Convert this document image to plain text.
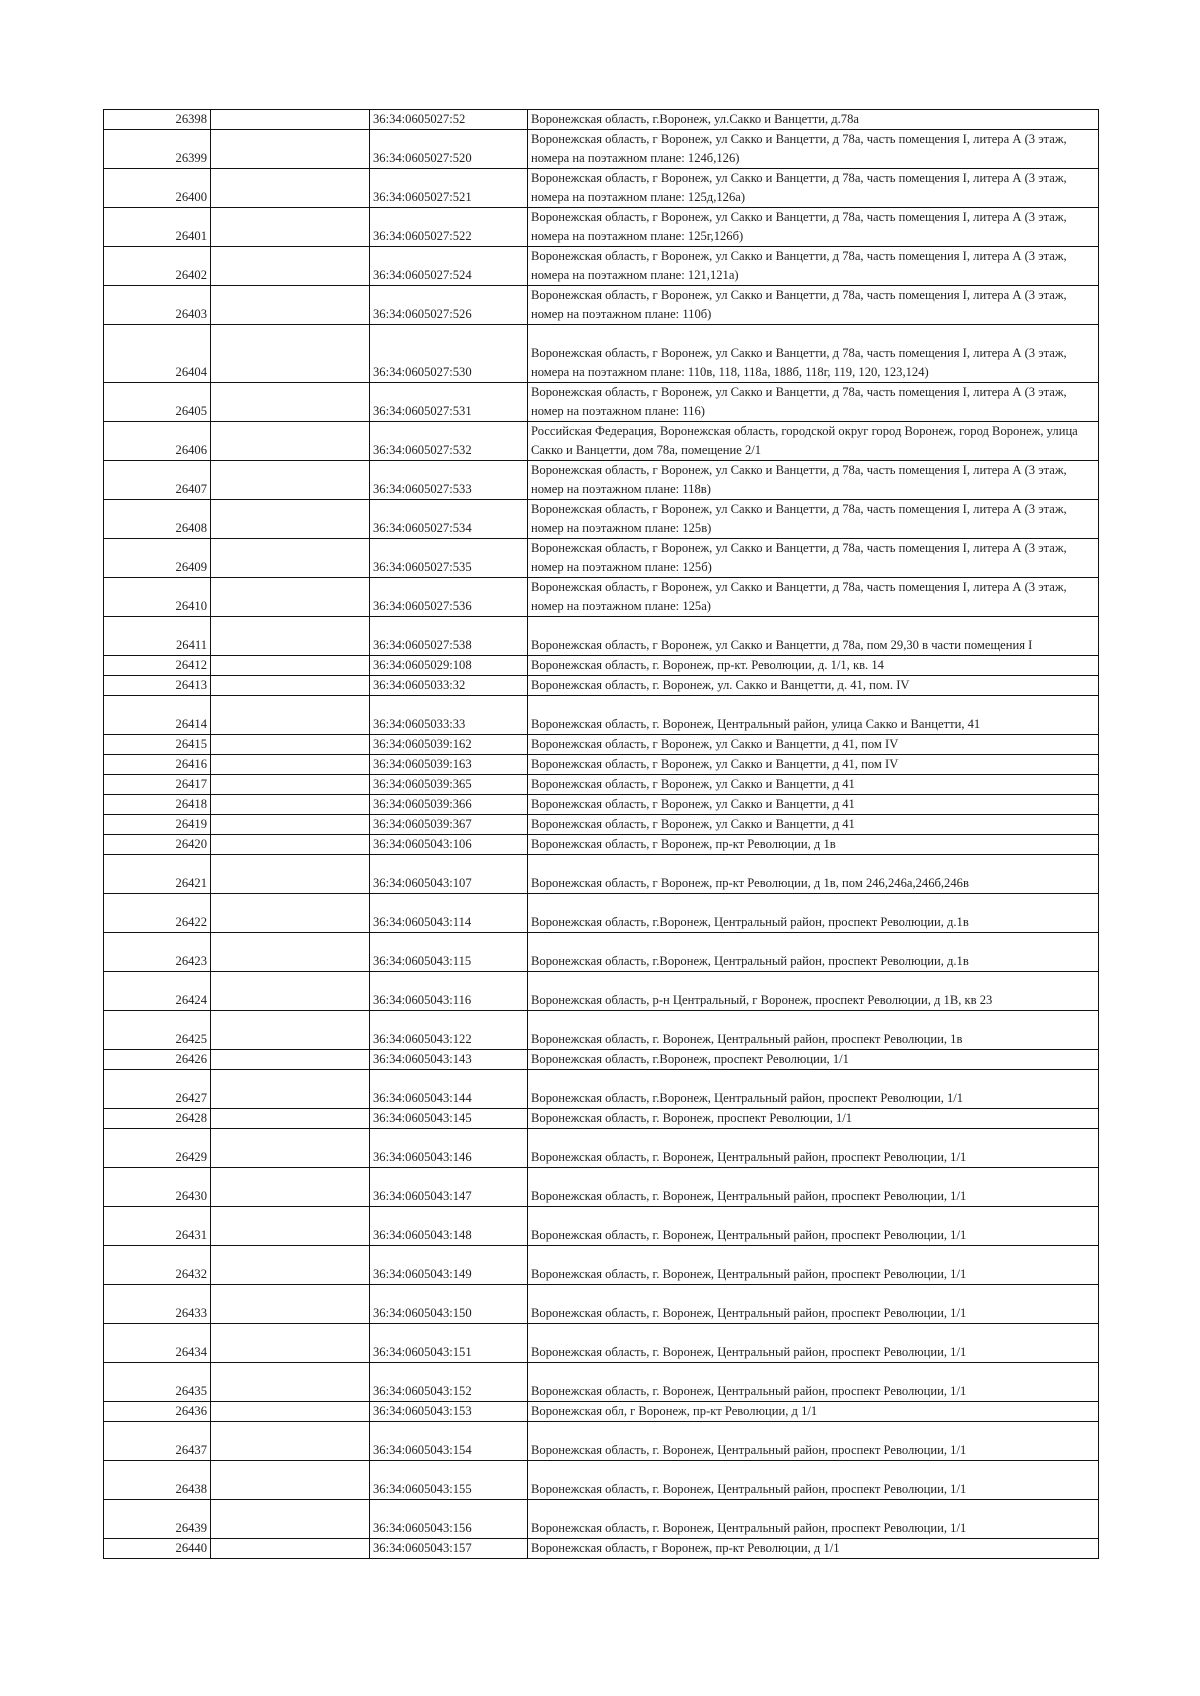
26398		36:34:0605027:52	Воронежская область, г.Воронеж, ул.Сакко и Ванцетти, д.78а
26399		36:34:0605027:520	Воронежская область, г Воронеж, ул Сакко и Ванцетти, д 78а, часть помещения I, литера А (3 этаж, номера на поэтажном плане: 124б,126)
26400		36:34:0605027:521	Воронежская область, г Воронеж, ул Сакко и Ванцетти, д 78а, часть помещения I, литера А (3 этаж, номера на поэтажном плане: 125д,126а)
26401		36:34:0605027:522	Воронежская область, г Воронеж, ул Сакко и Ванцетти, д 78а, часть помещения I, литера А (3 этаж, номера на поэтажном плане: 125г,126б)
26402		36:34:0605027:524	Воронежская область, г Воронеж, ул Сакко и Ванцетти, д 78а, часть помещения I, литера А (3 этаж, номера на поэтажном плане: 121,121а)
26403		36:34:0605027:526	Воронежская область, г Воронеж, ул Сакко и Ванцетти, д 78а, часть помещения I, литера А (3 этаж, номер на поэтажном плане: 110б)
26404		36:34:0605027:530	Воронежская область, г Воронеж, ул Сакко и Ванцетти, д 78а, часть помещения I, литера А (3 этаж, номера на поэтажном плане: 110в, 118, 118а, 188б, 118г, 119, 120, 123,124)
26405		36:34:0605027:531	Воронежская область, г Воронеж, ул Сакко и Ванцетти, д 78а, часть помещения I, литера А (3 этаж, номер на поэтажном плане: 116)
26406		36:34:0605027:532	Российская Федерация, Воронежская область, городской округ город Воронеж, город Воронеж, улица Сакко и Ванцетти, дом 78а, помещение 2/1
26407		36:34:0605027:533	Воронежская область, г Воронеж, ул Сакко и Ванцетти, д 78а, часть помещения I, литера А (3 этаж, номер на поэтажном плане: 118в)
26408		36:34:0605027:534	Воронежская область, г Воронеж, ул Сакко и Ванцетти, д 78а, часть помещения I, литера А (3 этаж, номер на поэтажном плане: 125в)
26409		36:34:0605027:535	Воронежская область, г Воронеж, ул Сакко и Ванцетти, д 78а, часть помещения I, литера А (3 этаж, номер на поэтажном плане: 125б)
26410		36:34:0605027:536	Воронежская область, г Воронеж, ул Сакко и Ванцетти, д 78а, часть помещения I, литера А (3 этаж, номер на поэтажном плане: 125а)
26411		36:34:0605027:538	Воронежская область, г Воронеж, ул Сакко и Ванцетти, д 78а, пом 29,30 в части помещения I
26412		36:34:0605029:108	Воронежская область, г. Воронеж, пр-кт. Революции, д. 1/1, кв. 14
26413		36:34:0605033:32	Воронежская область, г. Воронеж, ул. Сакко и Ванцетти, д. 41, пом. IV
26414		36:34:0605033:33	Воронежская область, г. Воронеж, Центральный район, улица Сакко и Ванцетти, 41
26415		36:34:0605039:162	Воронежская область, г Воронеж, ул Сакко и Ванцетти, д 41, пом IV
26416		36:34:0605039:163	Воронежская область, г Воронеж, ул Сакко и Ванцетти, д 41, пом IV
26417		36:34:0605039:365	Воронежская область, г Воронеж, ул Сакко и Ванцетти, д 41
26418		36:34:0605039:366	Воронежская область, г Воронеж, ул Сакко и Ванцетти, д 41
26419		36:34:0605039:367	Воронежская область, г Воронеж, ул Сакко и Ванцетти, д 41
26420		36:34:0605043:106	Воронежская область, г Воронеж, пр-кт Революции, д 1в
26421		36:34:0605043:107	Воронежская область, г Воронеж, пр-кт Революции, д 1в, пом 246,246а,246б,246в
26422		36:34:0605043:114	Воронежская область, г.Воронеж, Центральный район, проспект Революции, д.1в
26423		36:34:0605043:115	Воронежская область, г.Воронеж, Центральный район, проспект Революции, д.1в
26424		36:34:0605043:116	Воронежская область, р-н Центральный, г Воронеж, проспект Революции, д 1В, кв 23
26425		36:34:0605043:122	Воронежская область, г. Воронеж, Центральный район, проспект Революции, 1в
26426		36:34:0605043:143	Воронежская область, г.Воронеж, проспект Революции, 1/1
26427		36:34:0605043:144	Воронежская область, г.Воронеж, Центральный район, проспект Революции, 1/1
26428		36:34:0605043:145	Воронежская область, г. Воронеж, проспект Революции, 1/1
26429		36:34:0605043:146	Воронежская область, г. Воронеж, Центральный район, проспект Революции, 1/1
26430		36:34:0605043:147	Воронежская область, г. Воронеж, Центральный район, проспект Революции, 1/1
26431		36:34:0605043:148	Воронежская область, г. Воронеж, Центральный район, проспект Революции, 1/1
26432		36:34:0605043:149	Воронежская область, г. Воронеж, Центральный район, проспект Революции, 1/1
26433		36:34:0605043:150	Воронежская область, г. Воронеж, Центральный район, проспект Революции, 1/1
26434		36:34:0605043:151	Воронежская область, г. Воронеж, Центральный район, проспект Революции, 1/1
26435		36:34:0605043:152	Воронежская область, г. Воронеж, Центральный район, проспект Революции, 1/1
26436		36:34:0605043:153	Воронежская обл, г Воронеж, пр-кт Революции, д 1/1
26437		36:34:0605043:154	Воронежская область, г. Воронеж, Центральный район, проспект Революции, 1/1
26438		36:34:0605043:155	Воронежская область, г. Воронеж, Центральный район, проспект Революции, 1/1
26439		36:34:0605043:156	Воронежская область, г. Воронеж, Центральный район, проспект Революции, 1/1
26440		36:34:0605043:157	Воронежская область, г Воронеж, пр-кт Революции, д 1/1
